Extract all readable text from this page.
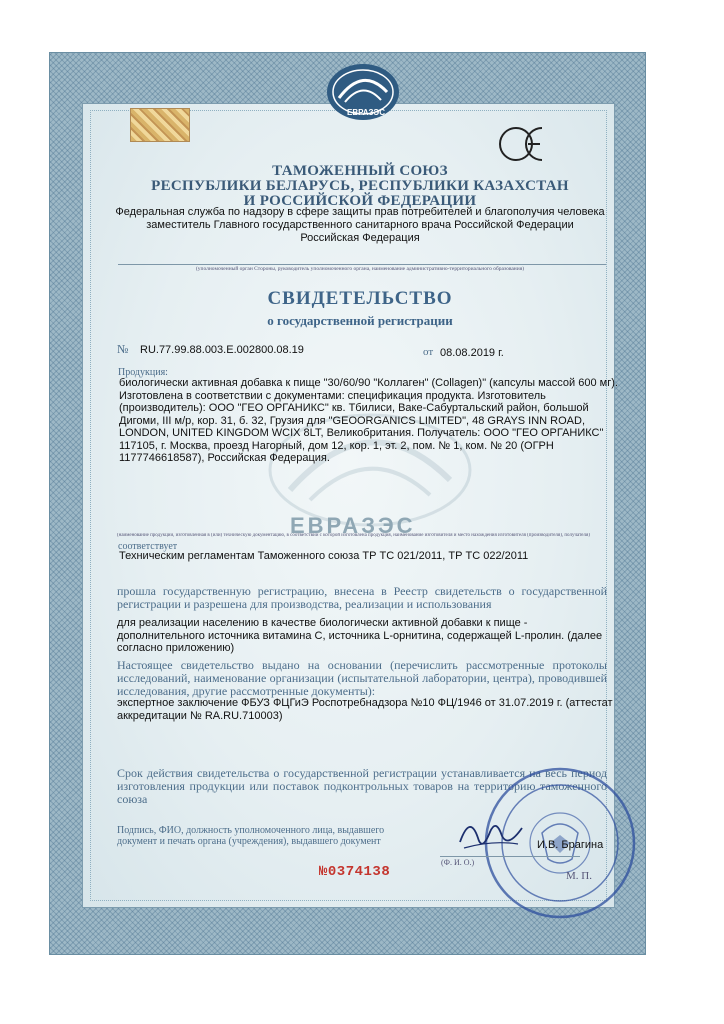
ЕВРАЗЭС
ЕВРАЗЭС
ТАМОЖЕННЫЙ СОЮЗ
РЕСПУБЛИКИ БЕЛАРУСЬ, РЕСПУБЛИКИ КАЗАХСТАН
И РОССИЙСКОЙ ФЕДЕРАЦИИ
Федеральная служба по надзору в сфере защиты прав потребителей и благополучия человека
заместитель Главного государственного санитарного врача Российской Федерации
Российская Федерация
(уполномоченный орган Стороны, руководитель уполномоченного органа, наименование административно-территориального образования)
СВИДЕТЕЛЬСТВО
о государственной регистрации
№ RU.77.99.88.003.Е.002800.08.19	от 08.08.2019 г.
Продукция:
биологически активная добавка к пище "30/60/90 "Коллаген" (Collagen)" (капсулы массой 600 мг). Изготовлена в соответствии с документами: спецификация продукта. Изготовитель (производитель): ООО "ГЕО ОРГАНИКС" кв. Тбилиси, Ваке-Сабуртальский район, большой Дигоми, III м/р, кор. 31, б. 32, Грузия для "GEOORGANICS LIMITED", 48 GRAYS INN ROAD, LONDON, UNITED KINGDOM WCIX 8LT, Великобритания. Получатель: ООО "ГЕО ОРГАНИКС" 117105, г. Москва, проезд Нагорный, дом 12, кор. 1, эт. 2, пом. № 1, ком. № 20 (ОГРН 1177746618587), Российская Федерация.
(наименование продукции, изготовленная в (или) техническую документацию, в соответствии с которой изготовлена продукция, наименование изготовителя и место нахождения изготовителя (производителя), получателя)
соответствует
Техническим регламентам Таможенного союза ТР ТС 021/2011, ТР ТС 022/2011
прошла государственную регистрацию, внесена в Реестр свидетельств о государственной регистрации и разрешена для производства, реализации и использования
для реализации населению в качестве биологически активной добавки к пище - дополнительного источника витамина С, источника L-орнитина, содержащей L-пролин. (далее согласно приложению)
Настоящее свидетельство выдано на основании (перечислить рассмотренные протоколы исследований, наименование организации (испытательной лаборатории, центра), проводившей исследования, другие рассмотренные документы):
экспертное заключение ФБУЗ ФЦГиЭ Роспотребнадзора №10 ФЦ/1946 от 31.07.2019 г. (аттестат аккредитации № RA.RU.710003)
Срок действия свидетельства о государственной регистрации устанавливается на весь период изготовления продукции или поставок подконтрольных товаров на территорию таможенного союза
Подпись, ФИО, должность уполномоченного лица, выдавшего документ и печать органа (учреждения), выдавшего документ	И.В. Брагина
(Ф. И. О.)
М. П.
№0374138
